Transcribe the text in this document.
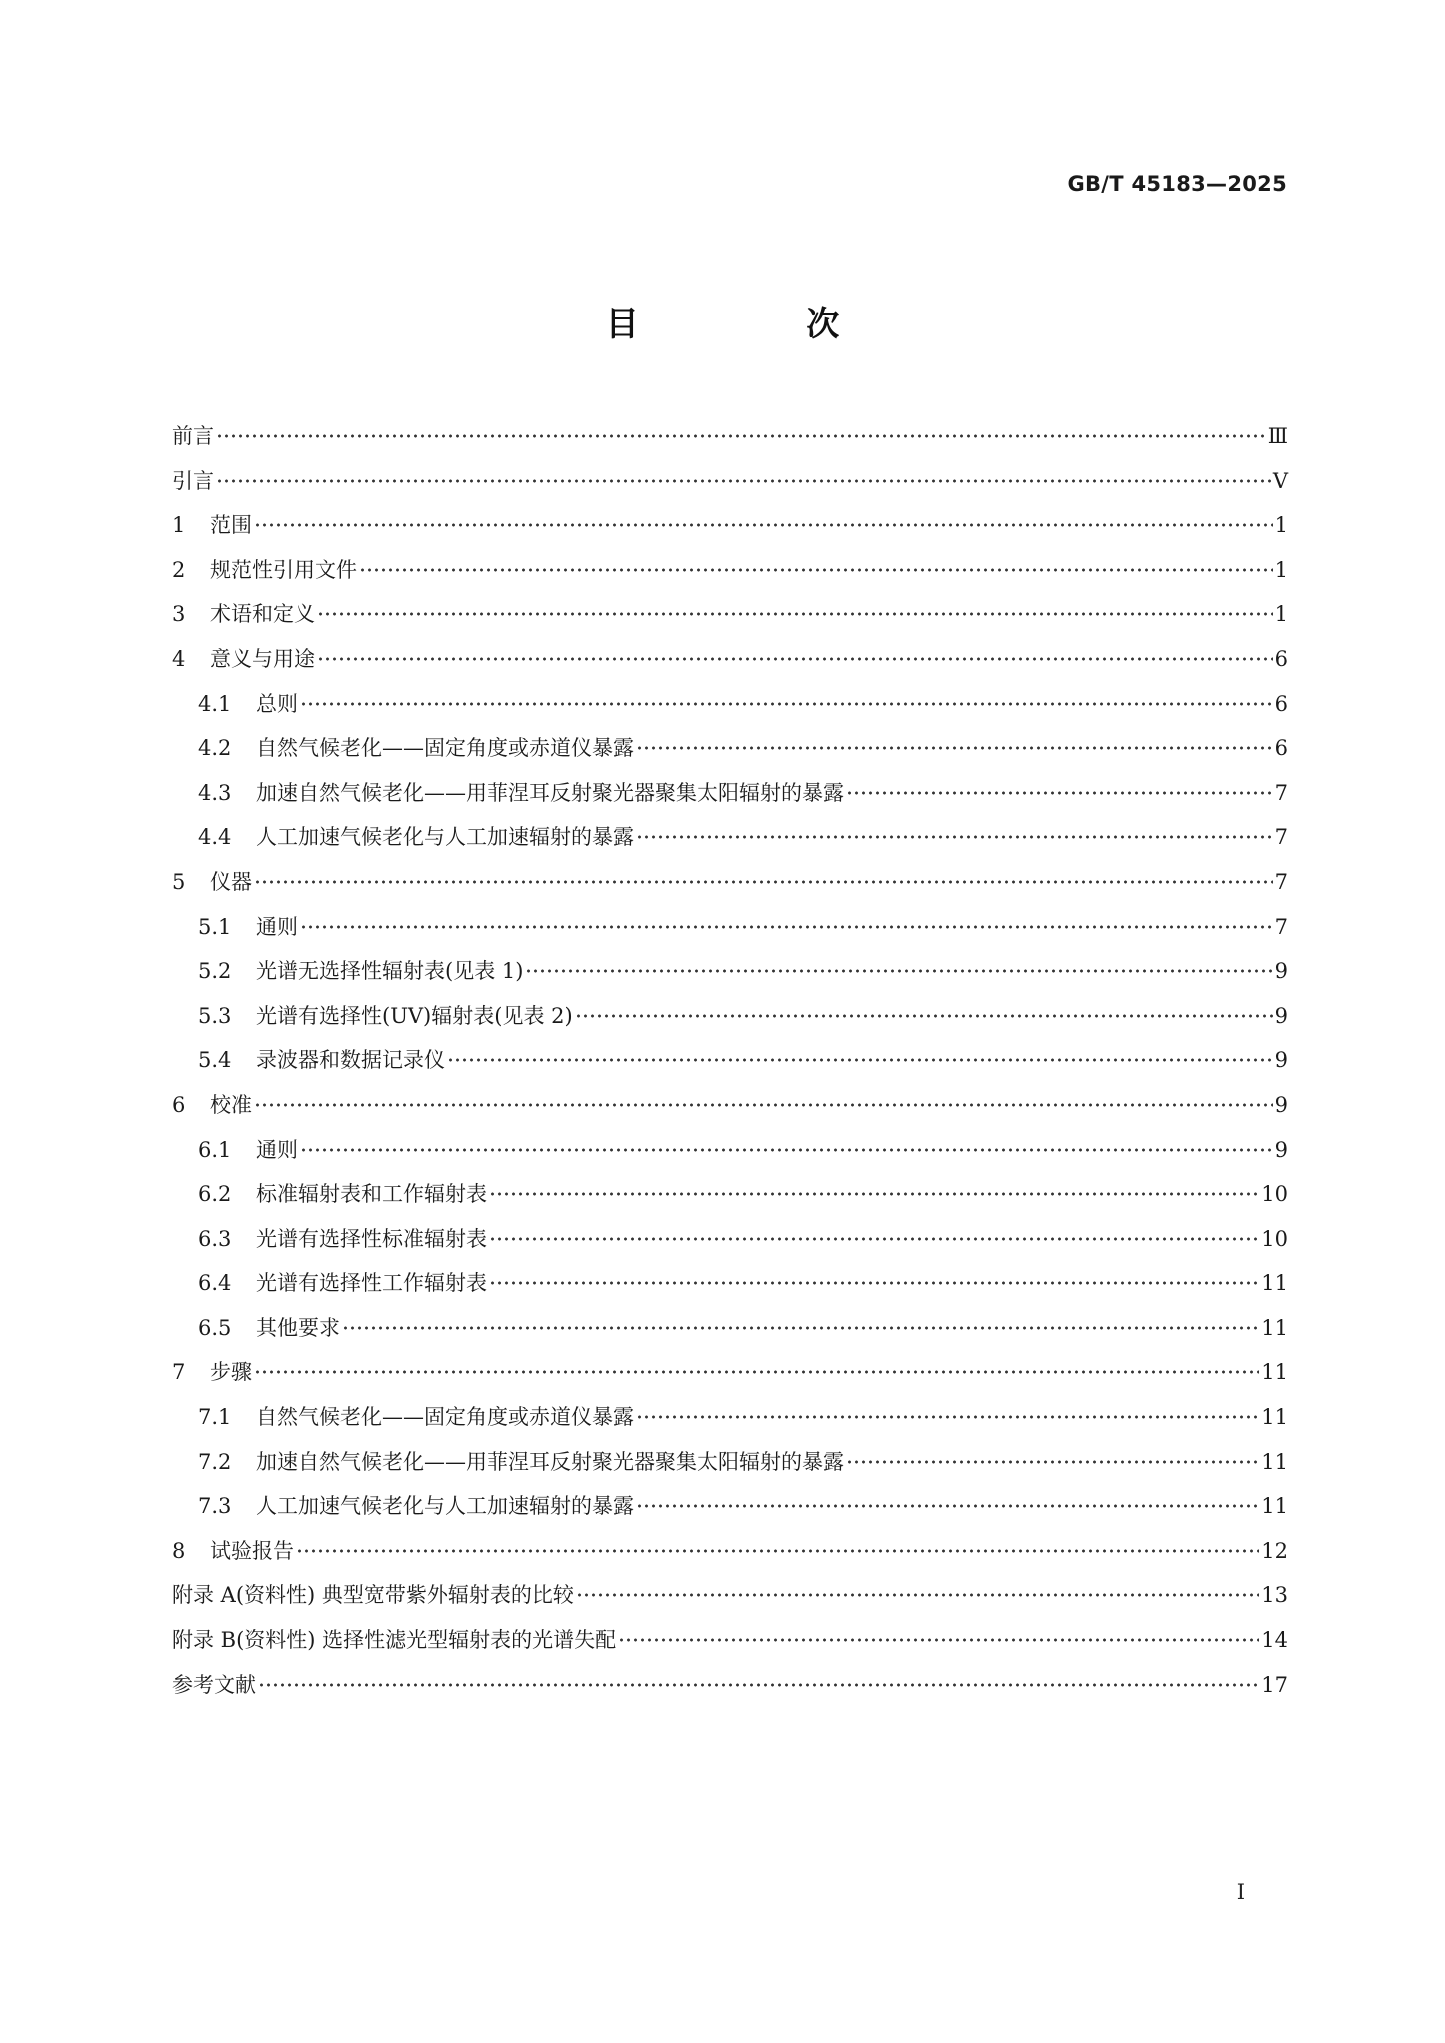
GB/T 45183—2025
目 次
前言	Ⅲ
引言	Ⅴ
1	范围	1
2	规范性引用文件	1
3	术语和定义	1
4	意义与用途	6
4.1	总则	6
4.2	自然气候老化——固定角度或赤道仪暴露	6
4.3	加速自然气候老化——用菲涅耳反射聚光器聚集太阳辐射的暴露	7
4.4	人工加速气候老化与人工加速辐射的暴露	7
5	仪器	7
5.1	通则	7
5.2	光谱无选择性辐射表(见表 1)	9
5.3	光谱有选择性(UV)辐射表(见表 2)	9
5.4	录波器和数据记录仪	9
6	校准	9
6.1	通则	9
6.2	标准辐射表和工作辐射表	10
6.3	光谱有选择性标准辐射表	10
6.4	光谱有选择性工作辐射表	11
6.5	其他要求	11
7	步骤	11
7.1	自然气候老化——固定角度或赤道仪暴露	11
7.2	加速自然气候老化——用菲涅耳反射聚光器聚集太阳辐射的暴露	11
7.3	人工加速气候老化与人工加速辐射的暴露	11
8	试验报告	12
附录 A(资料性) 典型宽带紫外辐射表的比较	13
附录 B(资料性) 选择性滤光型辐射表的光谱失配	14
参考文献	17
Ⅰ
